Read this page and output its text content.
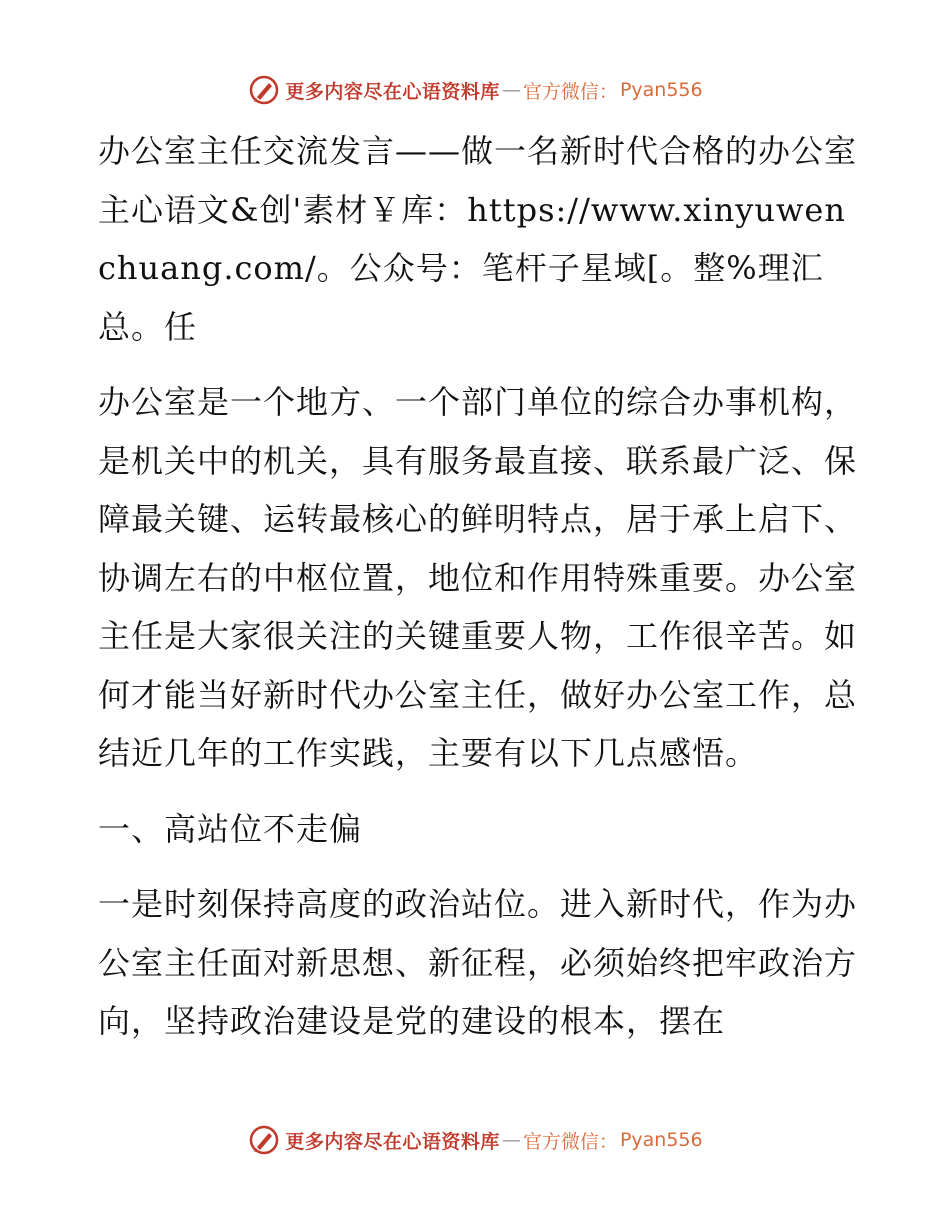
更多内容尽在心语资料库 — 官方微信： Pyan556

办公室主任交流发言——做一名新时代合格的办公室主心语文&创'素材￥库：https://www.xinyuwenchuang.com/。公众号：笔杆子星域[。整%理汇总。任

办公室是一个地方、一个部门单位的综合办事机构，是机关中的机关，具有服务最直接、联系最广泛、保障最关键、运转最核心的鲜明特点，居于承上启下、协调左右的中枢位置，地位和作用特殊重要。办公室主任是大家很关注的关键重要人物，工作很辛苦。如何才能当好新时代办公室主任，做好办公室工作，总结近几年的工作实践，主要有以下几点感悟。

一、高站位不走偏

一是时刻保持高度的政治站位。进入新时代，作为办公室主任面对新思想、新征程，必须始终把牢政治方向，坚持政治建设是党的建设的根本，摆在

更多内容尽在心语资料库 — 官方微信： Pyan556
